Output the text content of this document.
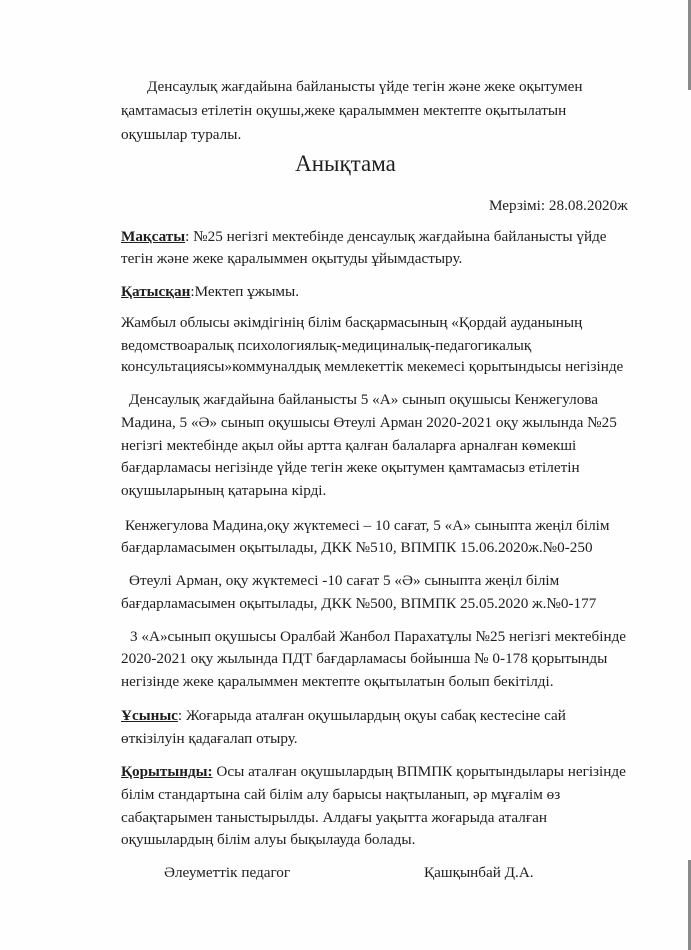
Денсаулық жағдайына байланысты үйде тегін және жеке оқытумен
қамтамасыз етілетін оқушы,жеке қаралыммен мектепте оқытылатын
оқушылар туралы.
Анықтама
Мерзімі: 28.08.2020ж
Мақсаты: №25 негізгі мектебінде денсаулық жағдайына байланысты үйде
тегін және жеке қаралыммен оқытуды ұйымдастыру.
Қатысқан:Мектеп ұжымы.
Жамбыл облысы әкімдігінің білім басқармасының «Қордай ауданының
ведомствоаралық психологиялық-медициналық-педагогикалық
консультациясы»коммуналдық мемлекеттік мекемесі қорытындысы негізінде
Денсаулық жағдайына байланысты 5 «А» сынып оқушысы Кенжегулова
Мадина, 5 «Ә» сынып оқушысы Өтеулі Арман 2020-2021 оқу жылында №25
негізгі мектебінде ақыл ойы артта қалған балаларға арналған көмекші
бағдарламасы негізінде үйде тегін жеке оқытумен қамтамасыз етілетін
оқушыларының қатарына кірді.
Кенжегулова Мадина,оқу жүктемесі – 10 сағат, 5 «А» сыныпта жеңіл білім
бағдарламасымен оқытылады, ДКК №510, ВПМПК 15.06.2020ж.№0-250
Өтеулі Арман, оқу жүктемесі -10 сағат 5 «Ә» сыныпта жеңіл білім
бағдарламасымен оқытылады, ДКК №500, ВПМПК 25.05.2020 ж.№0-177
3 «А»сынып оқушысы Оралбай Жанбол Парахатұлы №25 негізгі мектебінде
2020-2021 оқу жылында ПДТ бағдарламасы бойынша № 0-178 қорытынды
негізінде жеке қаралыммен мектепте оқытылатын болып бекітілді.
Ұсыныс: Жоғарыда аталған оқушылардың оқуы сабақ кестесіне сай
өткізілуін қадағалап отыру.
Қорытынды: Осы аталған оқушылардың ВПМПК қорытындылары негізінде
білім стандартына сай білім алу барысы нақтыланып, әр мұғалім өз
сабақтарымен таныстырылды. Алдағы уақытта жоғарыда аталған
оқушылардың білім алуы бықылауда болады.
Әлеуметтік педагог	Қашқынбай Д.А.
